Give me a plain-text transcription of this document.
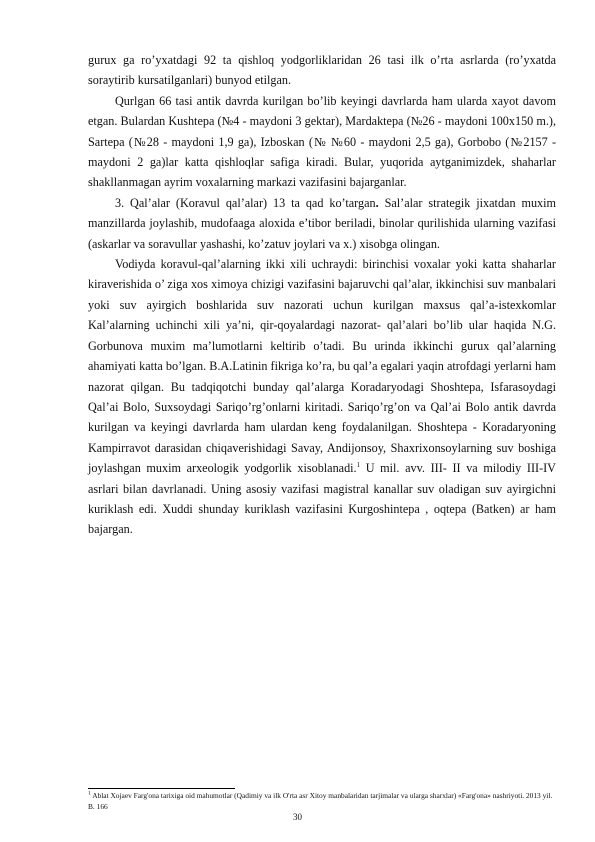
gurux ga ro’yxatdagi 92 ta qishloq yodgorliklaridan 26 tasi ilk o’rta asrlarda (ro’yxatda soraytirib kursatilganlari) bunyod etilgan.

Qurlgan 66 tasi antik davrda kurilgan bo’lib keyingi davrlarda ham ularda xayot davom etgan. Bulardan Kushtepa (№4 - maydoni 3 gektar), Mardaktepa (№26 - maydoni 100x150 m.), Sartepa (№28 - maydoni 1,9 ga), Izboskan (№ №60 - maydoni 2,5 ga), Gorbobo (№2157 - maydoni 2 ga)lar katta qishloqlar safiga kiradi. Bular, yuqorida aytganimizdek, shaharlar shakllanmagan ayrim voxalarning markazi vazifasini bajarganlar.

3. Qal’alar (Koravul qal’alar) 13 ta qad ko’targan. Sal’alar strategik jixatdan muxim manzillarda joylashib, mudofaaga aloxida e’tibor beriladi, binolar qurilishida ularning vazifasi (askarlar va soravullar yashashi, ko’zatuv joylari va x.) xisobga olingan.

Vodiyda koravul-qal’alarning ikki xili uchraydi: birinchisi voxalar yoki katta shaharlar kiraverishida o’ ziga xos ximoya chizigi vazifasini bajaruvchi qal’alar, ikkinchisi suv manbalari yoki suv ayirgich boshlarida suv nazorati uchun kurilgan maxsus qal’a-istexkomlar Kal’alarning uchinchi xili ya’ni, qir-qoyalardagi nazorat- qal’alari bo’lib ular haqida N.G. Gorbunova muxim ma’lumotlarni keltirib o’tadi. Bu urinda ikkinchi gurux qal’alarning ahamiyati katta bo’lgan. B.A.Latinin fikriga ko’ra, bu qal’a egalari yaqin atrofdagi yerlarni ham nazorat qilgan. Bu tadqiqotchi bunday qal’alarga Koradaryodagi Shoshtepa, Isfarasoydagi Qal’ai Bolo, Suxsoydagi Sariqo’rg’onlarni kiritadi. Sariqo’rg’on va Qal’ai Bolo antik davrda kurilgan va keyingi davrlarda ham ulardan keng foydalanilgan. Shoshtepa - Koradaryoning Kampirravot darasidan chiqaverishidagi Savay, Andijonsoy, Shaxrixonsoylarning suv boshiga joylashgan muxim arxeologik yodgorlik xisoblanadi.$^1$ U mil. avv. III- II va milodiy III-IV asrlari bilan davrlanadi. Uning asosiy vazifasi magistral kanallar suv oladigan suv ayirgichni kuriklash edi. Xuddi shunday kuriklash vazifasini Kurgoshintepa , oqtepa (Batken) ar ham bajargan.

$^1$ Ablat Xojaev Farg'ona tarixiga oid mahumotlar (Qadimiy va ilk O'rta asr Xitoy manbalaridan tarjimalar va ularga sharxlar) «Farg'ona» nashriyoti. 2013 yil. B. 166

30
